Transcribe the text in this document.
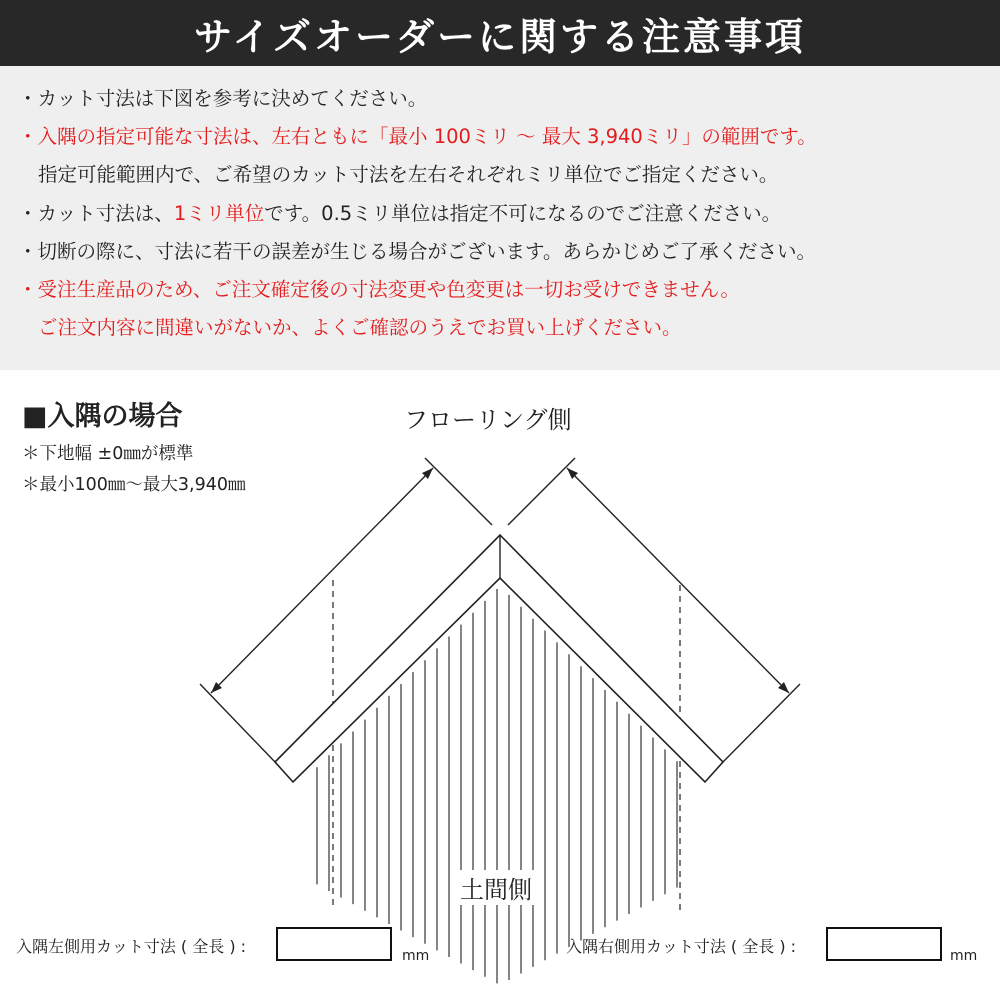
サイズオーダーに関する注意事項
・カット寸法は下図を参考に決めてください。
・入隅の指定可能な寸法は、左右ともに「最小 100ミリ ～ 最大 3,940ミリ」の範囲です。
指定可能範囲内で、ご希望のカット寸法を左右それぞれミリ単位でご指定ください。
・カット寸法は、1ミリ単位です。0.5ミリ単位は指定不可になるのでご注意ください。
・切断の際に、寸法に若干の誤差が生じる場合がございます。あらかじめご了承ください。
・受注生産品のため、ご注文確定後の寸法変更や色変更は一切お受けできません。
ご注文内容に間違いがないか、よくご確認のうえでお買い上げください。
■入隅の場合
＊下地幅 ±0㎜が標準
＊最小100㎜～最大3,940㎜
フローリング側
土間側
入隅左側用カット寸法 ( 全長 ) :	mm	入隅右側用カット寸法 ( 全長 ) :	mm
